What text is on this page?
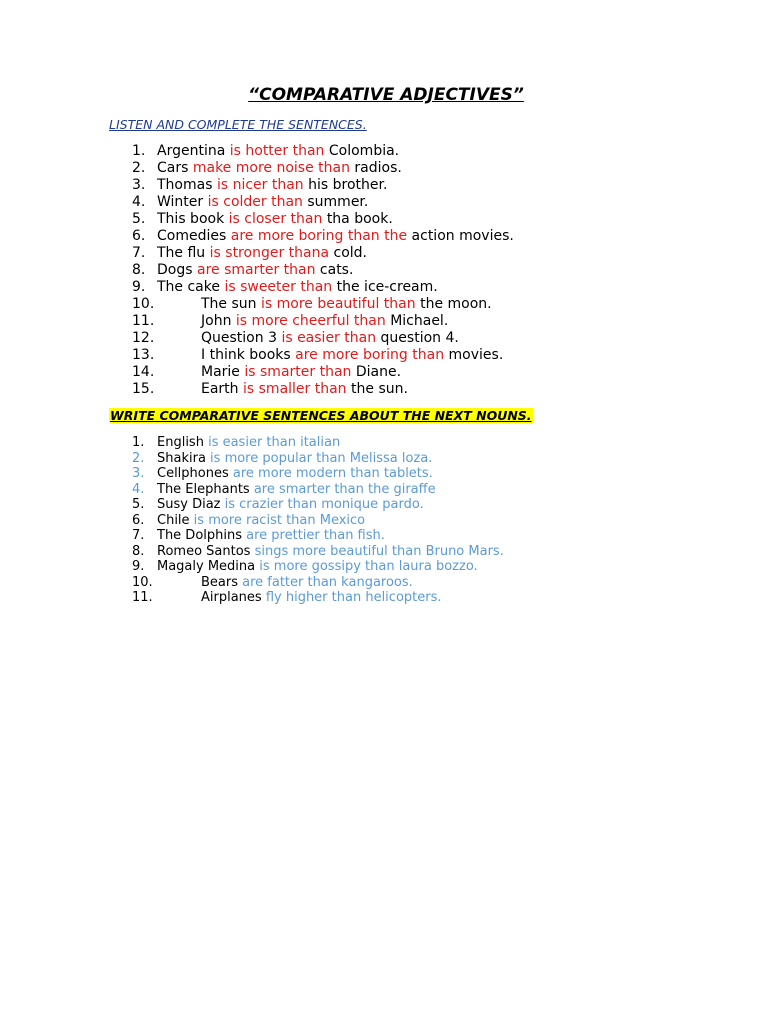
“COMPARATIVE ADJECTIVES”
LISTEN AND COMPLETE THE SENTENCES.
1. Argentina is hotter than Colombia.
2. Cars make more noise than radios.
3. Thomas is nicer than his brother.
4. Winter is colder than summer.
5. This book is closer than tha book.
6. Comedies are more boring than the action movies.
7. The flu is stronger thana cold.
8. Dogs are smarter than cats.
9. The cake is sweeter than the ice-cream.
10.	The sun is more beautiful than the moon.
11.	John is more cheerful than Michael.
12.	Question 3 is easier than question 4.
13.	I think books are more boring than movies.
14.	Marie is smarter than Diane.
15.	Earth is smaller than the sun.
WRITE COMPARATIVE SENTENCES ABOUT THE NEXT NOUNS.
1. English is easier than italian
2. Shakira is more popular than Melissa loza.
3. Cellphones are more modern than tablets.
4. The Elephants are smarter than the giraffe
5. Susy Diaz is crazier than monique pardo.
6. Chile is more racist than Mexico
7. The Dolphins are prettier than fish.
8. Romeo Santos sings more beautiful than Bruno Mars.
9. Magaly Medina is more gossipy than laura bozzo.
10.	Bears are fatter than kangaroos.
11.	Airplanes fly higher than helicopters.
